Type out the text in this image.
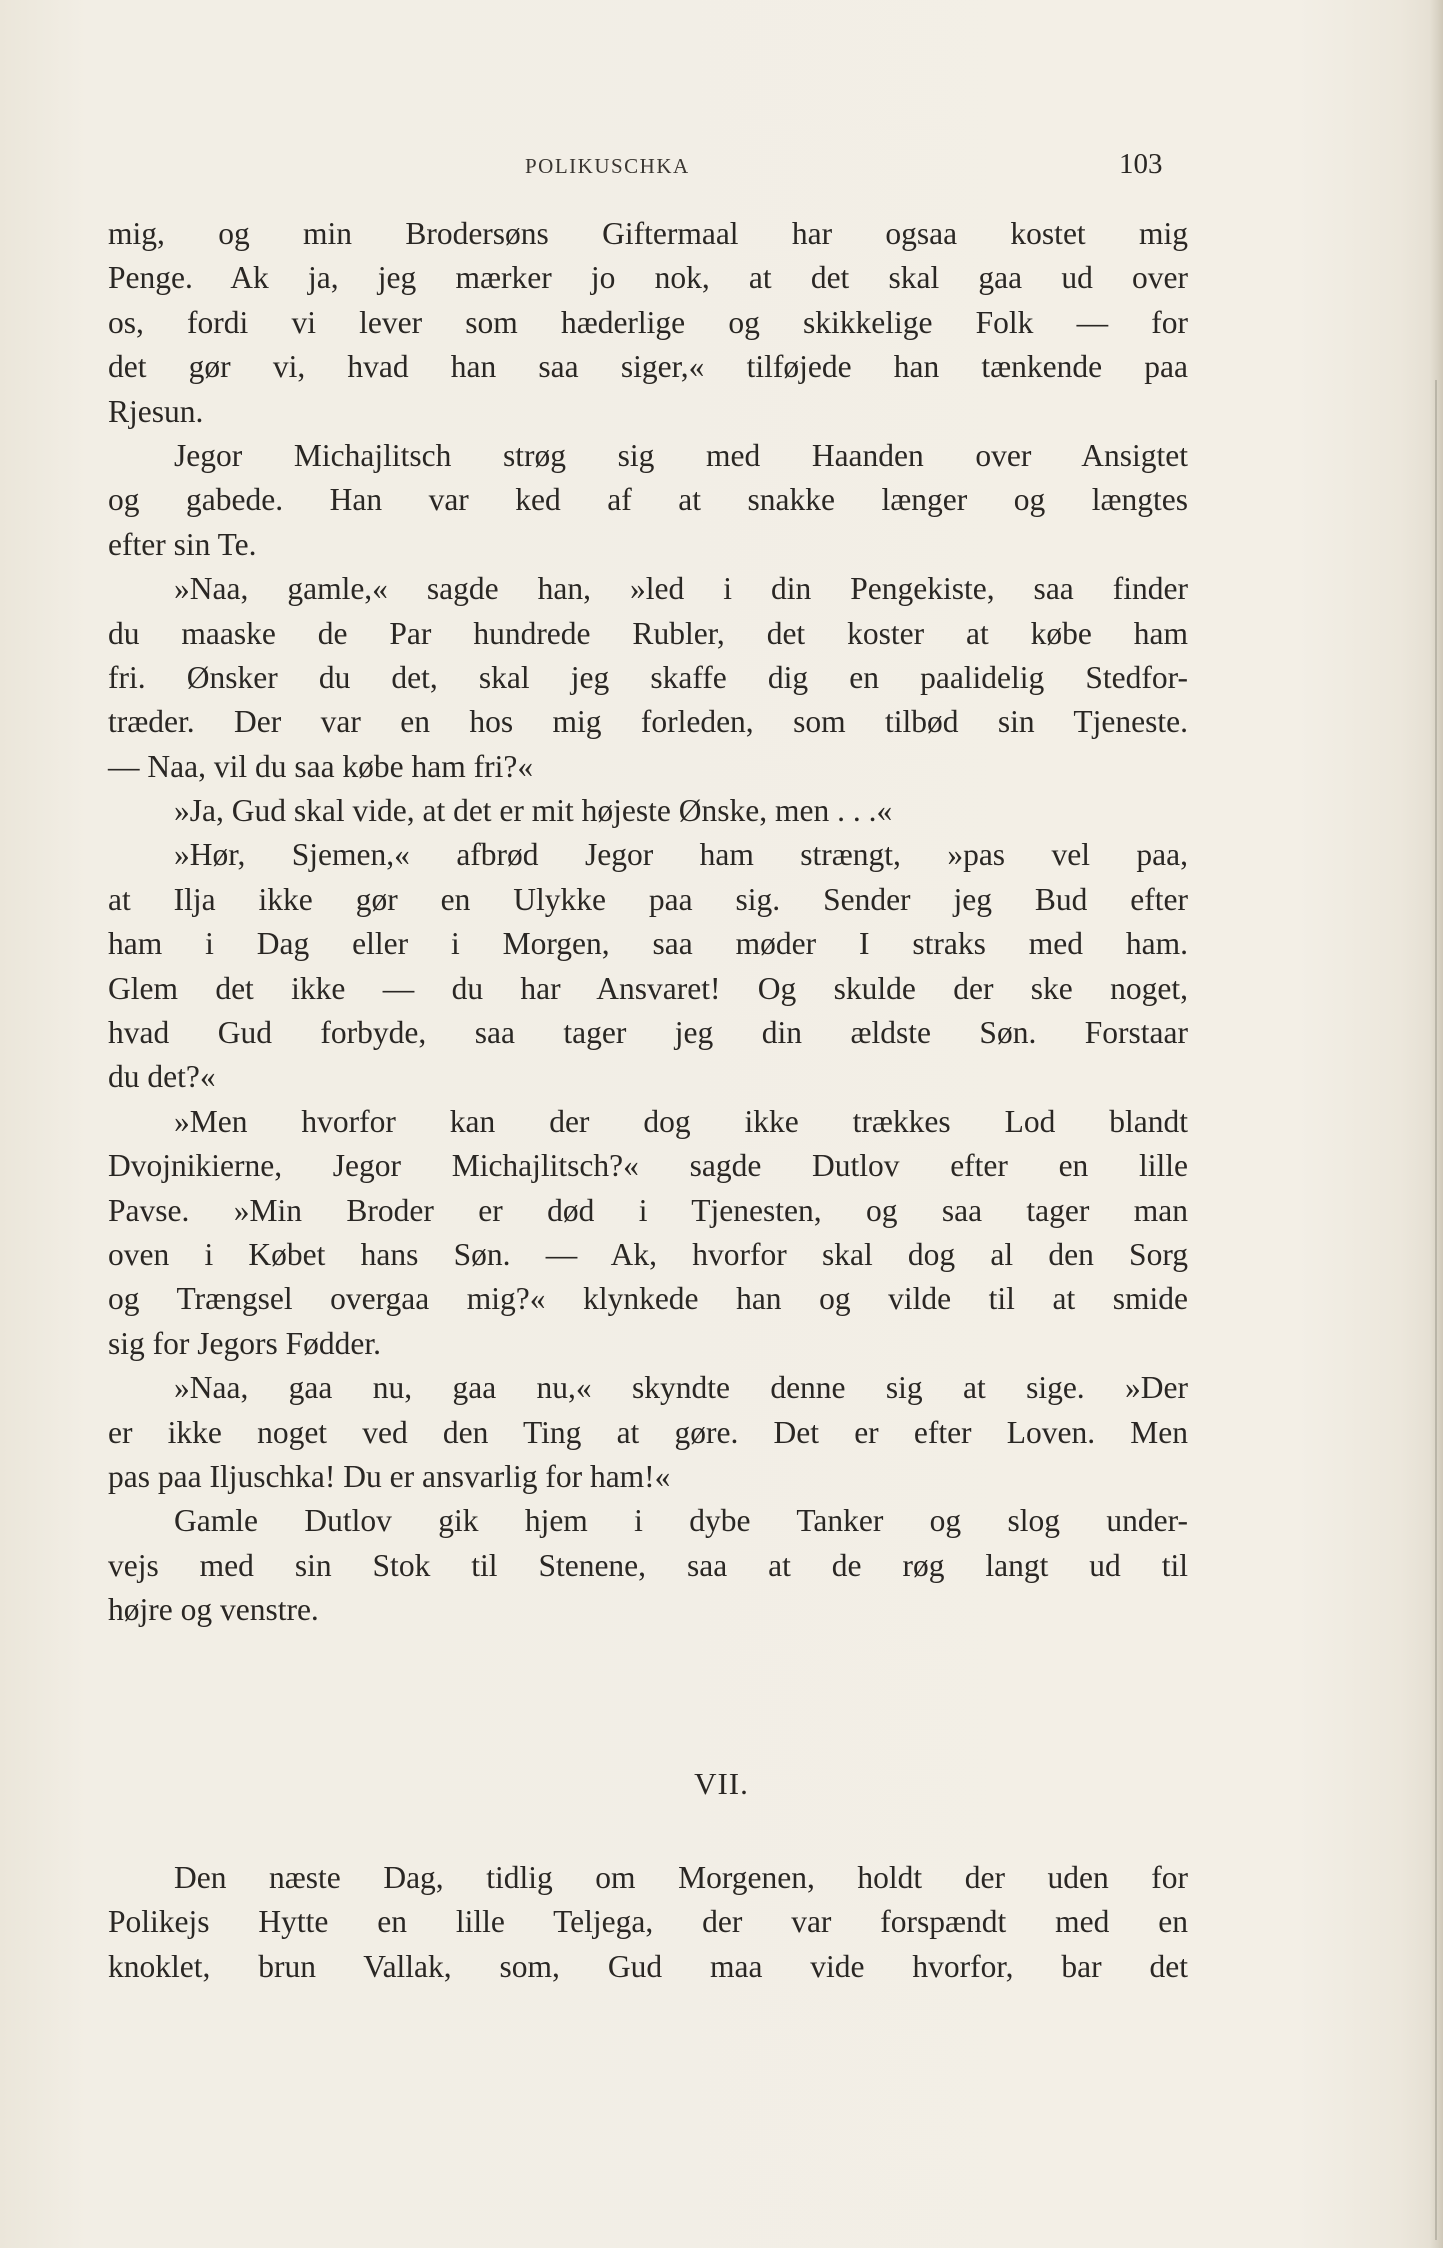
POLIKUSCHKA	103
mig, og min Brodersøns Giftermaal har ogsaa kostet mig
Penge. Ak ja, jeg mærker jo nok, at det skal gaa ud over
os, fordi vi lever som hæderlige og skikkelige Folk — for
det gør vi, hvad han saa siger,« tilføjede han tænkende paa
Rjesun.
Jegor Michajlitsch strøg sig med Haanden over Ansigtet
og gabede. Han var ked af at snakke længer og længtes
efter sin Te.
»Naa, gamle,« sagde han, »led i din Pengekiste, saa finder
du maaske de Par hundrede Rubler, det koster at købe ham
fri. Ønsker du det, skal jeg skaffe dig en paalidelig Stedfor-
træder. Der var en hos mig forleden, som tilbød sin Tjeneste.
— Naa, vil du saa købe ham fri?«
»Ja, Gud skal vide, at det er mit højeste Ønske, men . . .«
»Hør, Sjemen,« afbrød Jegor ham strængt, »pas vel paa,
at Ilja ikke gør en Ulykke paa sig. Sender jeg Bud efter
ham i Dag eller i Morgen, saa møder I straks med ham.
Glem det ikke — du har Ansvaret! Og skulde der ske noget,
hvad Gud forbyde, saa tager jeg din ældste Søn. Forstaar
du det?«
»Men hvorfor kan der dog ikke trækkes Lod blandt
Dvojnikierne, Jegor Michajlitsch?« sagde Dutlov efter en lille
Pavse. »Min Broder er død i Tjenesten, og saa tager man
oven i Købet hans Søn. — Ak, hvorfor skal dog al den Sorg
og Trængsel overgaa mig?« klynkede han og vilde til at smide
sig for Jegors Fødder.
»Naa, gaa nu, gaa nu,« skyndte denne sig at sige. »Der
er ikke noget ved den Ting at gøre. Det er efter Loven. Men
pas paa Iljuschka! Du er ansvarlig for ham!«
Gamle Dutlov gik hjem i dybe Tanker og slog under-
vejs med sin Stok til Stenene, saa at de røg langt ud til
højre og venstre.
VII.
Den næste Dag, tidlig om Morgenen, holdt der uden for
Polikejs Hytte en lille Teljega, der var forspændt med en
knoklet, brun Vallak, som, Gud maa vide hvorfor, bar det
